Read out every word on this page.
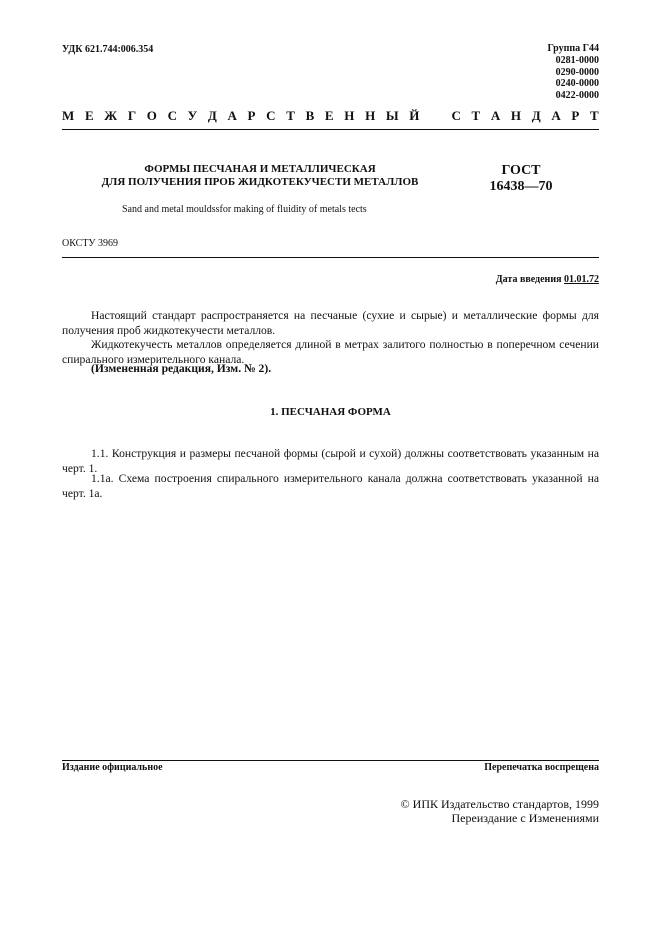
УДК 621.744:006.354	Группа Г44
0281-0000
0290-0000
0240-0000
0422-0000
М Е Ж Г О С У Д А Р С Т В Е Н Н Ы Й С Т А Н Д А Р Т
ФОРМЫ ПЕСЧАНАЯ И МЕТАЛЛИЧЕСКАЯ
ДЛЯ ПОЛУЧЕНИЯ ПРОБ ЖИДКОТЕКУЧЕСТИ МЕТАЛЛОВ
ГОСТ
16438—70
Sand and metal mouldssfor making of fluidity of metals tects
ОКСТУ 3969
Дата введения 01.01.72
Настоящий стандарт распространяется на песчаные (сухие и сырые) и металлические формы для получения проб жидкотекучести металлов.
Жидкотекучесть металлов определяется длиной в метрах залитого полностью в поперечном сечении спирального измерительного канала.
(Измененная редакция, Изм. № 2).
1. ПЕСЧАНАЯ ФОРМА
1.1. Конструкция и размеры песчаной формы (сырой и сухой) должны соответствовать указанным на черт. 1.
1.1а. Схема построения спирального измерительного канала должна соответствовать указанной на черт. 1а.
Издание официальное	Перепечатка воспрещена
© ИПК Издательство стандартов, 1999
Переиздание с Изменениями
